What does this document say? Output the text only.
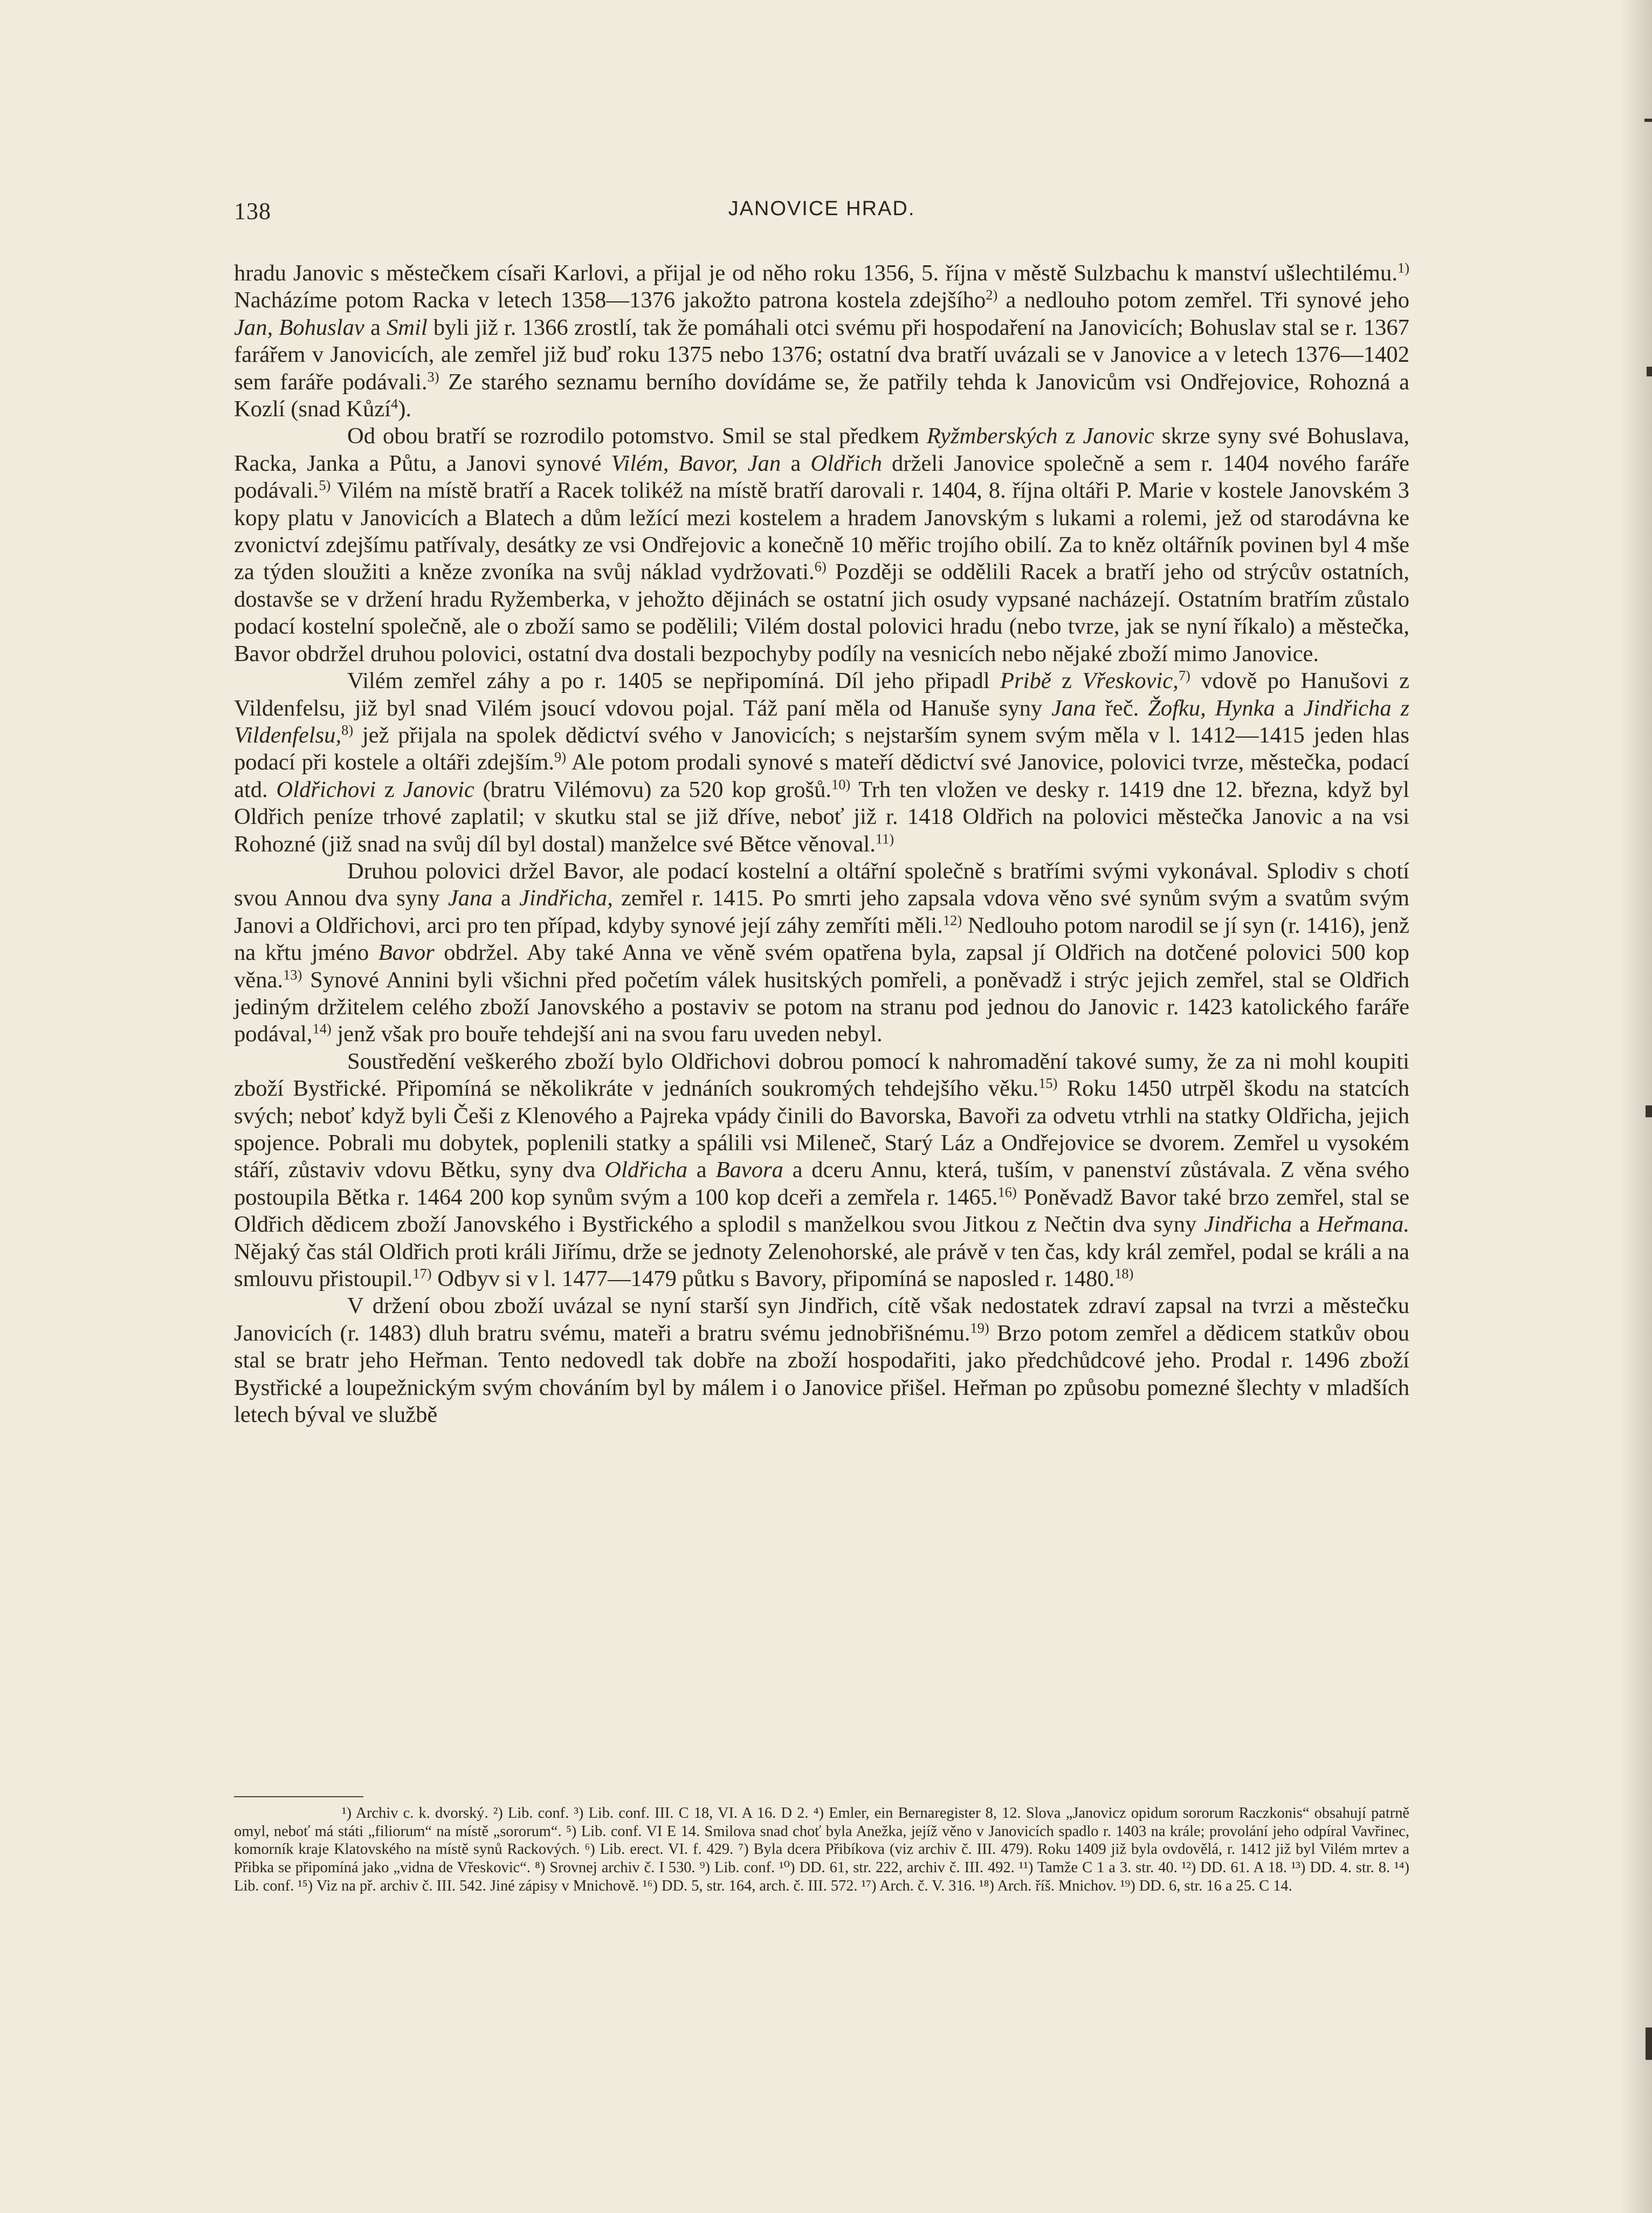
138	JANOVICE HRAD.

hradu Janovic s městečkem císaři Karlovi, a přijal je od něho roku 1356, 5. října v městě Sulzbachu k manství ušlechtilému.$^{1)}$ Nacházíme potom Racka v letech 1358—1376 jakožto patrona kostela zdejšího$^{2)}$ a nedlouho potom zemřel. Tři synové jeho Jan, Bohuslav a Smil byli již r. 1366 zrostlí, tak že pomáhali otci svému při hospodaření na Janovicích; Bohuslav stal se r. 1367 farářem v Janovicích, ale zemřel již buď roku 1375 nebo 1376; ostatní dva bratří uvázali se v Janovice a v letech 1376—1402 sem faráře podávali.$^{3)}$ Ze starého seznamu berního dovídáme se, že patřily tehda k Janovicům vsi Ondřejovice, Rohozná a Kozlí (snad Kůzí$^4$).

Od obou bratří se rozrodilo potomstvo. Smil se stal předkem Ryžmberských z Janovic skrze syny své Bohuslava, Racka, Janka a Půtu, a Janovi synové Vilém, Bavor, Jan a Oldřich drželi Janovice společně a sem r. 1404 nového faráře podávali.$^{5)}$ Vilém na místě bratří a Racek tolikéž na místě bratří darovali r. 1404, 8. října oltáři P. Marie v kostele Janovském 3 kopy platu v Janovicích a Blatech a dům ležící mezi kostelem a hradem Janovským s lukami a rolemi, jež od starodávna ke zvonictví zdejšímu patřívaly, desátky ze vsi Ondřejovic a konečně 10 měřic trojího obilí. Za to kněz oltářník povinen byl 4 mše za týden sloužiti a kněze zvoníka na svůj náklad vydržovati.$^{6)}$ Později se oddělili Racek a bratří jeho od strýcův ostatních, dostavše se v držení hradu Ryžemberka, v jehožto dějinách se ostatní jich osudy vypsané nacházejí. Ostatním bratřím zůstalo podací kostelní společně, ale o zboží samo se podělili; Vilém dostal polovici hradu (nebo tvrze, jak se nyní říkalo) a městečka, Bavor obdržel druhou polovici, ostatní dva dostali bezpochyby podíly na vesnicích nebo nějaké zboží mimo Janovice.

Vilém zemřel záhy a po r. 1405 se nepřipomíná. Díl jeho připadl Pribě z Vřeskovic,$^{7)}$ vdově po Hanušovi z Vildenfelsu, již byl snad Vilém jsoucí vdovou pojal. Táž paní měla od Hanuše syny Jana řeč. Žofku, Hynka a Jindřicha z Vildenfelsu,$^{8)}$ jež přijala na spolek dědictví svého v Janovicích; s nejstarším synem svým měla v l. 1412—1415 jeden hlas podací při kostele a oltáři zdejším.$^{9)}$ Ale potom prodali synové s mateří dědictví své Janovice, polovici tvrze, městečka, podací atd. Oldřichovi z Janovic (bratru Vilémovu) za 520 kop grošů.$^{10)}$ Trh ten vložen ve desky r. 1419 dne 12. března, když byl Oldřich peníze trhové zaplatil; v skutku stal se již dříve, neboť již r. 1418 Oldřich na polovici městečka Janovic a na vsi Rohozné (již snad na svůj díl byl dostal) manželce své Bětce věnoval.$^{11)}$

Druhou polovici držel Bavor, ale podací kostelní a oltářní společně s bratřími svými vykonával. Splodiv s chotí svou Annou dva syny Jana a Jindřicha, zemřel r. 1415. Po smrti jeho zapsala vdova věno své synům svým a svatům svým Janovi a Oldřichovi, arci pro ten případ, kdyby synové její záhy zemříti měli.$^{12)}$ Nedlouho potom narodil se jí syn (r. 1416), jenž na křtu jméno Bavor obdržel. Aby také Anna ve věně svém opatřena byla, zapsal jí Oldřich na dotčené polovici 500 kop věna.$^{13)}$ Synové Annini byli všichni před početím válek husitských pomřeli, a poněvadž i strýc jejich zemřel, stal se Oldřich jediným držitelem celého zboží Janovského a postaviv se potom na stranu pod jednou do Janovic r. 1423 katolického faráře podával,$^{14)}$ jenž však pro bouře tehdejší ani na svou faru uveden nebyl.

Soustředění veškerého zboží bylo Oldřichovi dobrou pomocí k nahromadění takové sumy, že za ni mohl koupiti zboží Bystřické. Připomíná se několikráte v jednáních soukromých tehdejšího věku.$^{15)}$ Roku 1450 utrpěl škodu na statcích svých; neboť když byli Češi z Klenového a Pajreka vpády činili do Bavorska, Bavoři za odvetu vtrhli na statky Oldřicha, jejich spojence. Pobrali mu dobytek, poplenili statky a spálili vsi Mileneč, Starý Láz a Ondřejovice se dvorem. Zemřel u vysokém stáří, zůstaviv vdovu Bětku, syny dva Oldřicha a Bavora a dceru Annu, která, tuším, v panenství zůstávala. Z věna svého postoupila Bětka r. 1464 200 kop synům svým a 100 kop dceři a zemřela r. 1465.$^{16)}$ Poněvadž Bavor také brzo zemřel, stal se Oldřich dědicem zboží Janovského i Bystřického a splodil s manželkou svou Jitkou z Nečtin dva syny Jindřicha a Heřmana. Nějaký čas stál Oldřich proti králi Jiřímu, drže se jednoty Zelenohorské, ale právě v ten čas, kdy král zemřel, podal se králi a na smlouvu přistoupil.$^{17)}$ Odbyv si v l. 1477—1479 půtku s Bavory, připomíná se naposled r. 1480.$^{18)}$

V držení obou zboží uvázal se nyní starší syn Jindřich, cítě však nedostatek zdraví zapsal na tvrzi a městečku Janovicích (r. 1483) dluh bratru svému, mateři a bratru svému jednobřišnému.$^{19)}$ Brzo potom zemřel a dědicem statkův obou stal se bratr jeho Heřman. Tento nedovedl tak dobře na zboží hospodařiti, jako předchůdcové jeho. Prodal r. 1496 zboží Bystřické a loupežnickým svým chováním byl by málem i o Janovice přišel. Heřman po způsobu pomezné šlechty v mladších letech býval ve službě

¹) Archiv c. k. dvorský. ²) Lib. conf. ³) Lib. conf. III. C 18, VI. A 16. D 2. ⁴) Emler, ein Bernaregister 8, 12. Slova „Janovicz opidum sororum Raczkonis“ obsahují patrně omyl, neboť má státi „filiorum“ na místě „sororum“. ⁵) Lib. conf. VI E 14. Smilova snad choť byla Anežka, jejíž věno v Janovicích spadlo r. 1403 na krále; provolání jeho odpíral Vavřinec, komorník kraje Klatovského na místě synů Rackových. ⁶) Lib. erect. VI. f. 429. ⁷) Byla dcera Přibíkova (viz archiv č. III. 479). Roku 1409 již byla ovdovělá, r. 1412 již byl Vilém mrtev a Přibka se připomíná jako „vidna de Vřeskovic“. ⁸) Srovnej archiv č. I 530. ⁹) Lib. conf. ¹⁰) DD. 61, str. 222, archiv č. III. 492. ¹¹) Tamže C 1 a 3. str. 40. ¹²) DD. 61. A 18. ¹³) DD. 4. str. 8. ¹⁴) Lib. conf. ¹⁵) Viz na př. archiv č. III. 542. Jiné zápisy v Mnichově. ¹⁶) DD. 5, str. 164, arch. č. III. 572. ¹⁷) Arch. č. V. 316. ¹⁸) Arch. říš. Mnichov. ¹⁹) DD. 6, str. 16 a 25. C 14.
